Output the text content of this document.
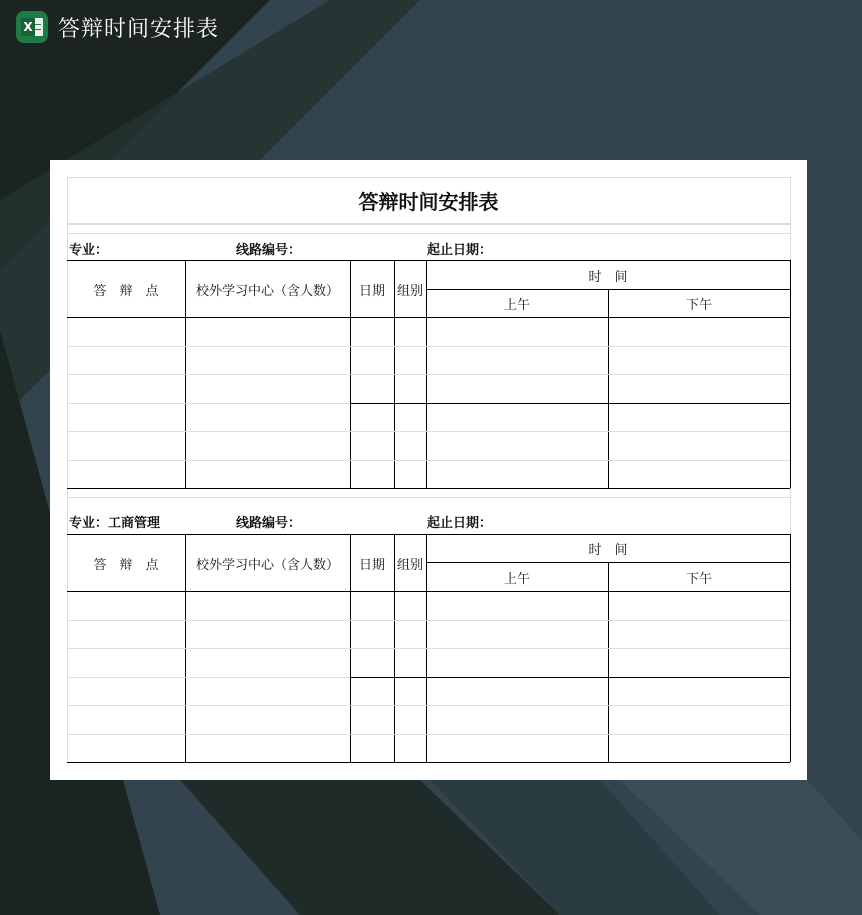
X 答辩时间安排表
答辩时间安排表
专业：	线路编号：	起止日期：
答　辩　点	校外学习中心（含人数）	日期 组别
时　间
上午	下午
专业：工商管理	线路编号：	起止日期：
答　辩　点	校外学习中心（含人数）	日期 组别
时　间
上午	下午
